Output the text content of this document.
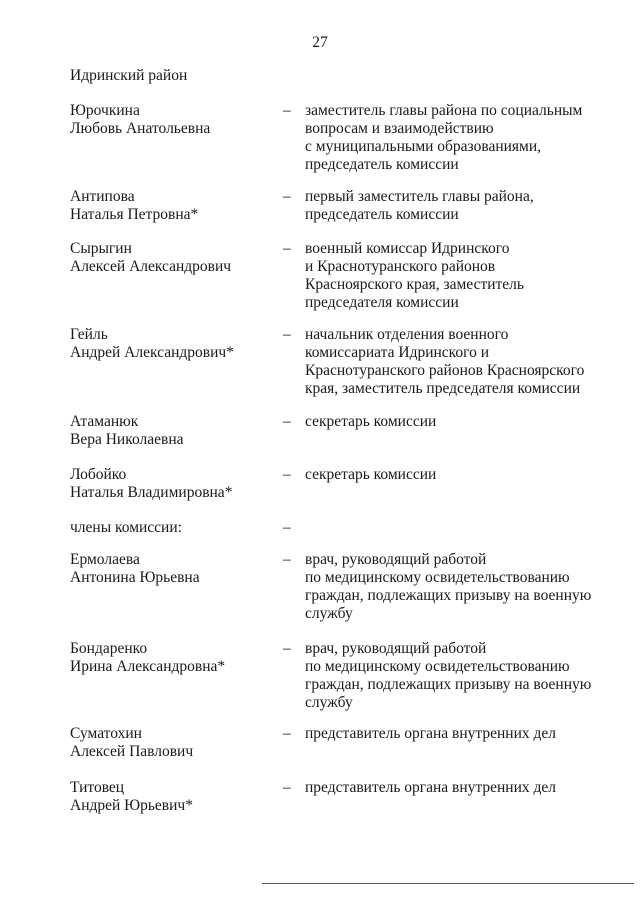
27
Идринский район
Юрочкина
Любовь Анатольевна
– заместитель главы района по социальным
вопросам и взаимодействию
с муниципальными образованиями,
председатель комиссии
Антипова
Наталья Петровна*
– первый заместитель главы района,
председатель комиссии
Сырыгин
Алексей Александрович
– военный комиссар Идринского
и Краснотуранского районов
Красноярского края, заместитель
председателя комиссии
Гейль
Андрей Александрович*
– начальник отделения военного
комиссариата Идринского и
Краснотуранского районов Красноярского
края, заместитель председателя комиссии
Атаманюк
Вера Николаевна
– секретарь комиссии
Лобойко
Наталья Владимировна*
– секретарь комиссии
члены комиссии:	–
Ермолаева
Антонина Юрьевна
– врач, руководящий работой
по медицинскому освидетельствованию
граждан, подлежащих призыву на военную
службу
Бондаренко
Ирина Александровна*
– врач, руководящий работой
по медицинскому освидетельствованию
граждан, подлежащих призыву на военную
службу
Суматохин
Алексей Павлович
– представитель органа внутренних дел
Титовец
Андрей Юрьевич*
– представитель органа внутренних дел
